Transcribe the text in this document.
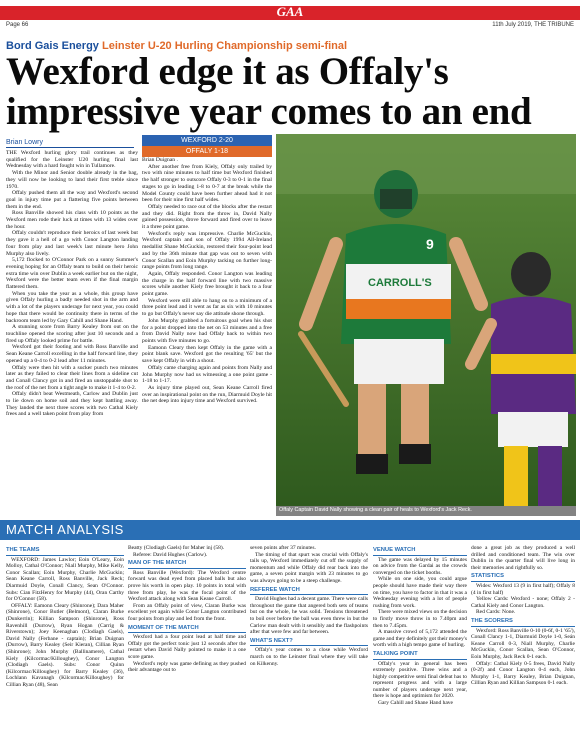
GAA
Page 66	11th July 2019, THE TRIBUNE
Bord Gais Energy Leinster U-20 Hurling Championship semi-final
Wexford edge it as Offaly's impressive year comes to an end
Brian Lowry

THE Wexford hurling glory trail continues as they qualified for the Leinster U20 hurling final last Wednesday with a hard fought win in Tullamore.

With the Minor and Senior double already in the bag, they will now be looking to land their first treble since 1970.

Offaly pushed them all the way and Wexford's second goal in injury time put a flattering five points between them in the end.

Ross Banville showed his class with 10 points as the Wexford men rode their luck at times with 13 wides over the hour.

Offaly couldn't reproduce their heroics of last week but they gave it a hell of a go with Conor Langton landing four from play and last week's last minute hero John Murphy also lively.

5,172 flocked to O'Connor Park on a sunny Summer's evening hoping for an Offaly team to build on their heroic extra time win over Dublin a week earlier but on the night, Wexford were the better team even if the final margin flattered them.

When you take the year as a whole, this group have given Offaly hurling a badly needed shot in the arm and with a lot of the players underage for next year, you could hope that there would be continuity there in terms of the backroom team led by Gary Cahill and Shane Hand.

A stunning score from Barry Kealey from out on the touchline opened the scoring after just 10 seconds and a fired up Offaly looked prime for battle.

Wexford got their footing and with Ross Banville and Sean Keane Carroll excelling in the half forward line, they opened up a 0-4 to 0-2 lead after 11 minutes.

Offaly were then hit with a sucker punch two minutes later as they failed to clear their lines from a sideline cut and Conall Clancy got in and fired an unstoppable shot to the roof of the net from a tight angle to make it 1-4 to 0-2.

Offaly didn't beat Westmeath, Carlow and Dublin just to lie down on home soil and they kept battling away. They landed the next three scores with two Cathal Kiely frees and a well taken point from play from

WEXFORD 2-20
OFFALY 1-18

Brian Duignan .

After another free from Kiely, Offaly only trailed by two with nine minutes to half time but Wexford finished the half stronger to outscore Offaly 0-3 to 0-1 in the final stages to go in leading 1-8 to 0-7 at the break while the Model County could have been further ahead had it not been for their nine first half wides.

Offaly needed to race out of the blocks after the restart and they did. Right from the throw in, David Nally gained possession, drove forward and fired over to leave it a three point game.

Wexford's reply was impressive. Charlie McGuckin, Wexford captain and son of Offaly 1994 All-Ireland medallist Shane McGuckin, restored their four-point lead and by the 36th minute that gap was out to seven with Conor Scallan and Eoin Murphy tacking on further long-range points from long range.

Again, Offaly responded. Conor Langton was leading the charge in the half forward line with two massive scores while another Kiely free brought it back to a four point game.

Wexford were still able to hang on to a minimum of a three point lead and it went as far as six with 10 minutes to go but Offaly's never say die attitude shone through.

John Murphy grabbed a fortuitous goal when his shot for a point dropped into the net on 53 minutes and a free from David Nally now had Offaly back to within two points with five minutes to go.

Eamonn Cleary then kept Offaly in the game with a point blank save. Wexford got the resulting '65' but the save kept Offaly in with a shout.

Offaly came charging again and points from Nally and John Murphy now had us witnessing a one point game - 1-18 to 1-17.

As injury time played out, Sean Keane Carroll fired over an inspirational point on the run, Diarmuid Doyle hit the net deep into injury time and Wexford survived.

9
CARROLL'S
Offaly Captain David Nally showing a clean pair of heals to Wexford's Jack Reck.
MATCH ANALYSIS
THE TEAMS

WEXFORD: James Lawlor; Eoin O'Leary, Eoin Molloy, Cathal O'Connor; Niall Murphy, Mike Kelly, Conor Scallan; Eoin Murphy, Charlie McGuckin; Sean Keane Carroll, Ross Banville, Jack Reck; Diarmuid Doyle, Conall Clancy, Sean O'Connor. Subs: Cian FitzHenry for Murphy (44), Oran Carthy for O'Connor (58).

OFFALY: Eamonn Cleary (Shinrone); Dara Maher (Shinrone), Conor Butler (Belmont), Ciaran Burke (Dunkerrin); Killian Sampson (Shinrone), Ross Ravenhill (Durrow), Ryan Hogan (Carrig & Riverstown); Joey Keenaghan (Clodiagh Gaels), David Nally (Ferbane - captain); Brian Duignan (Durrow), Barry Kealey (Seir Kieran), Cillian Ryan (Shinrone); John Murphy (Ballinamere), Cathal Kiely (Kilcormac/Killoughey), Conor Langton (Clodiagh Gaels). Subs: Conor Quinn (Kilcormac/Killoughey) for Barry Kealey (36), Lochlann Kavanagh (Kilcormac/Killoughey) for Cillian Ryan (48), Sean

Beatty (Clodiagh Gaels) for Maher inj (58).

Referee: David Hughes (Carlow).

MAN OF THE MATCH

Ross Banville (Wexford): The Wexford centre forward was dead eyed from placed balls but also prove his worth in open play. 10 points in total with three from play, he was the focal point of the Wexford attack along with Sean Keane Carroll.

From an Offaly point of view, Ciaran Burke was excellent yet again while Conor Langton contributed four points from play and led from the front.

MOMENT OF THE MATCH

Wexford had a four point lead at half time and Offaly got the perfect tonic just 12 seconds after the restart when David Nally pointed to make it a one score game.

Wexford's reply was game defining as they pushed their advantage out to

seven points after 37 minutes.

The timing of that spurt was crucial with Offaly's tails up, Wexford immediately cut off the supply of momentum and while Offaly did rear back into the game, a seven point margin with 23 minutes to go was always going to be a steep challenge.

REFEREE WATCH

David Hughes had a decent game. There were calls throughout the game that angered both sets of teams but on the whole, he was solid. Tensions threatened to boil over before the ball was even threw in but the Carlow man dealt with it sensibly and the flashpoints after that were few and far between.

WHAT'S NEXT?

Offaly's year comes to a close while Wexford march on to the Leinster final where they will take on Kilkenny.

VENUE WATCH

The game was delayed by 15 minutes on advice from the Gardai as the crowds converged on the ticket booths.

While on one side, you could argue people should have made their way there on time, you have to factor in that it was a Wednesday evening with a lot of people rushing from work.

There were mixed views on the decision to firstly move throw in to 7.40pm and then to 7.45pm.

A massive crowd of 5,172 attended the game and they definitely got their money's worth with a high tempo game of hurling.

TALKING POINT

Offaly's year in general has been extremely positive. Three wins and a highly competitive semi final defeat has to represent progress and with a large number of players underage next year, there is hope and optimism for 2020.

Gary Cahill and Shane Hand have

done a great job as they produced a well drilled and conditioned team. The win over Dublin in the quarter final will live long in their memories and rightfully so.

STATISTICS

Wides: Wexford 13 (9 in first half); Offaly 8 (4 in first half)

Yellow Cards: Wexford - none; Offaly 2 - Cathal Kiely and Conor Langton.

Red Cards: None.

THE SCORERS

Wexford: Ross Banville 0-10 (0-6f, 0-1 '65'), Conall Clancy 1-1, Diarmuid Doyle 1-0, Seán Keane Carroll 0-3, Niall Murphy, Charlie McGuckin, Conor Scallan, Sean O'Connor, Eoin Murphy, Jack Reck 0-1 each.

Offaly: Cathal Kiely 0-5 frees, David Nally (0-2f) and Conor Langton 0-4 each, John Murphy 1-1, Barry Kealey, Brian Duignan, Cillian Ryan and Killian Sampson 0-1 each.
